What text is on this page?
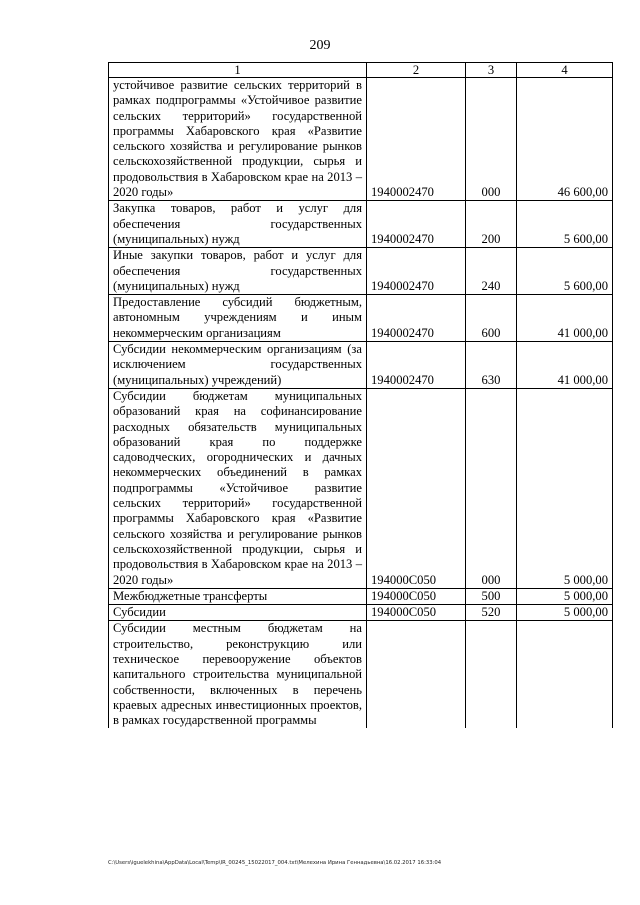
209
1	2	3	4
устойчивое развитие сельских территорий в рамках подпрограммы «Устойчивое развитие сельских территорий» государственной программы Хабаровского края «Развитие сельского хозяйства и регулирование рынков сельскохозяйственной продукции, сырья и продовольствия в Хабаровском крае на 2013 – 2020 годы»	1940002470	000	46 600,00
Закупка товаров, работ и услуг для обеспечения государственных (муниципальных) нужд	1940002470	200	5 600,00
Иные закупки товаров, работ и услуг для обеспечения государственных (муниципальных) нужд	1940002470	240	5 600,00
Предоставление субсидий бюджетным, автономным учреждениям и иным некоммерческим организациям	1940002470	600	41 000,00
Субсидии некоммерческим организациям (за исключением государственных (муниципальных) учреждений)	1940002470	630	41 000,00
Субсидии бюджетам муниципальных образований края на софинансирование расходных обязательств муниципальных образований края по поддержке садоводческих, огороднических и дачных некоммерческих объединений в рамках подпрограммы «Устойчивое развитие сельских территорий» государственной программы Хабаровского края «Развитие сельского хозяйства и регулирование рынков сельскохозяйственной продукции, сырья и продовольствия в Хабаровском крае на 2013 – 2020 годы»	194000С050	000	5 000,00
Межбюджетные трансферты	194000С050	500	5 000,00
Субсидии	194000С050	520	5 000,00
Субсидии местным бюджетам на строительство, реконструкцию или техническое перевооружение объектов капитального строительства муниципальной собственности, включенных в перечень краевых адресных инвестиционных проектов, в рамках государственной программы			
C:\Users\iguelekhina\AppData\Local\Temp\IR_00245_15022017_004.txt\Мелехина Ирина Геннадьевна\16.02.2017 16:33:04
